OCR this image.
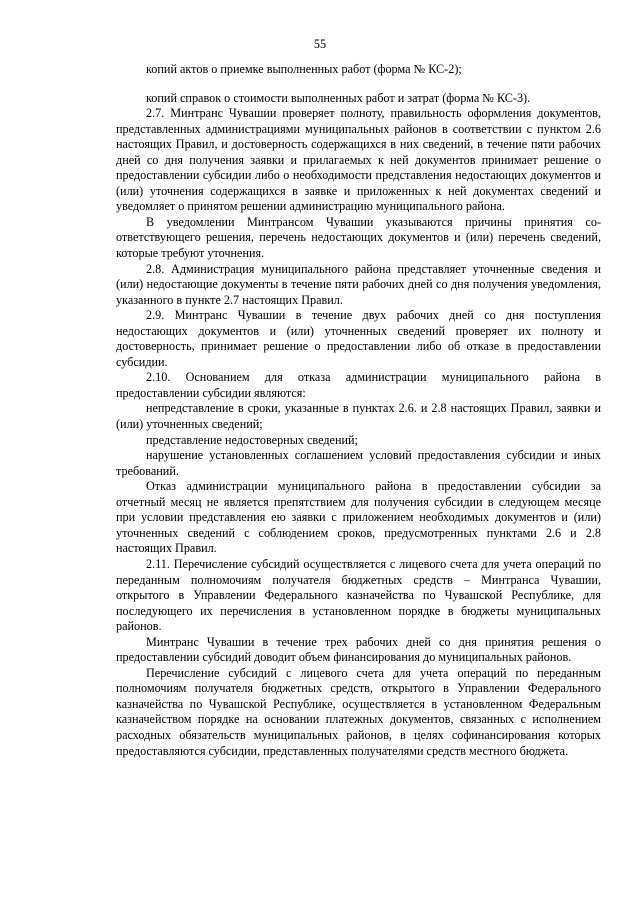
55

копий актов о приемке выполненных работ (форма № КС-2);

копий справок о стоимости выполненных работ и затрат (форма № КС-3).

2.7. Минтранс Чувашии проверяет полноту, правильность оформления документов, представленных администрациями муниципальных районов в соответствии с пунктом 2.6 настоящих Правил, и достоверность содержащихся в них сведений, в течение пяти рабочих дней со дня получения заявки и прилагаемых к ней документов принимает решение о предоставлении субсидии либо о необходимости представления недостающих документов и (или) уточнения содержащихся в заявке и приложенных к ней документах сведений и уведомляет о принятом решении администрацию муниципального района.

В уведомлении Минтрансом Чувашии указываются причины принятия соответствующего решения, перечень недостающих документов и (или) перечень сведений, которые требуют уточнения.

2.8. Администрация муниципального района представляет уточненные сведения и (или) недостающие документы в течение пяти рабочих дней со дня получения уведомления, указанного в пункте 2.7 настоящих Правил.

2.9. Минтранс Чувашии в течение двух рабочих дней со дня поступления недостающих документов и (или) уточненных сведений проверяет их полноту и достоверность, принимает решение о предоставлении либо об отказе в предоставлении субсидии.

2.10. Основанием для отказа администрации муниципального района в предоставлении субсидии являются:

непредставление в сроки, указанные в пунктах 2.6. и 2.8 настоящих Правил, заявки и (или) уточненных сведений;

представление недостоверных сведений;

нарушение установленных соглашением условий предоставления субсидии и иных требований.

Отказ администрации муниципального района в предоставлении субсидии за отчетный месяц не является препятствием для получения субсидии в следующем месяце при условии представления ею заявки с приложением необходимых документов и (или) уточненных сведений с соблюдением сроков, предусмотренных пунктами 2.6 и 2.8 настоящих Правил.

2.11. Перечисление субсидий осуществляется с лицевого счета для учета операций по переданным полномочиям получателя бюджетных средств – Минтранса Чувашии, открытого в Управлении Федерального казначейства по Чувашской Республике, для последующего их перечисления в установленном порядке в бюджеты муниципальных районов.

Минтранс Чувашии в течение трех рабочих дней со дня принятия решения о предоставлении субсидий доводит объем финансирования до муниципальных районов.

Перечисление субсидий с лицевого счета для учета операций по переданным полномочиям получателя бюджетных средств, открытого в Управлении Федерального казначейства по Чувашской Республике, осуществляется в установленном Федеральным казначейством порядке на основании платежных документов, связанных с исполнением расходных обязательств муниципальных районов, в целях софинансирования которых предоставляются субсидии, представленных получателями средств местного бюджета.
